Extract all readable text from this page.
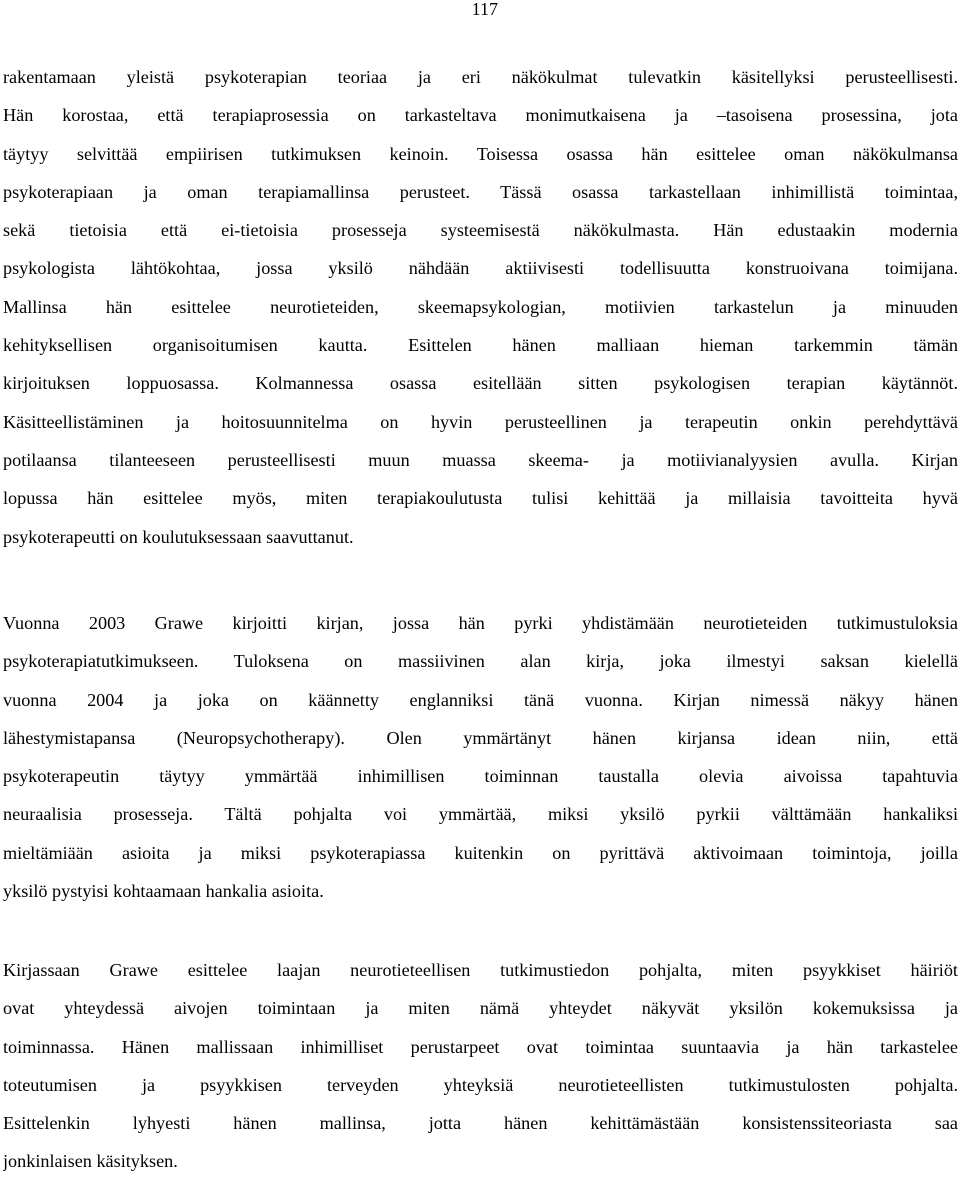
117
rakentamaan yleistä psykoterapian teoriaa ja eri näkökulmat tulevatkin käsitellyksi perusteellisesti.
Hän korostaa, että terapiaprosessia on tarkasteltava monimutkaisena ja –tasoisena prosessina, jota
täytyy selvittää empiirisen tutkimuksen keinoin. Toisessa osassa hän esittelee oman näkökulmansa
psykoterapiaan ja oman terapiamallinsa perusteet. Tässä osassa tarkastellaan inhimillistä toimintaa,
sekä tietoisia että ei-tietoisia prosesseja systeemisestä näkökulmasta. Hän edustaakin modernia
psykologista lähtökohtaa, jossa yksilö nähdään aktiivisesti todellisuutta konstruoivana toimijana.
Mallinsa hän esittelee neurotieteiden, skeemapsykologian, motiivien tarkastelun ja minuuden
kehityksellisen organisoitumisen kautta. Esittelen hänen malliaan hieman tarkemmin tämän
kirjoituksen loppuosassa. Kolmannessa osassa esitellään sitten psykologisen terapian käytännöt.
Käsitteellistäminen ja hoitosuunnitelma on hyvin perusteellinen ja terapeutin onkin perehdyttävä
potilaansa tilanteeseen perusteellisesti muun muassa skeema- ja motiivianalyysien avulla. Kirjan
lopussa hän esittelee myös, miten terapiakoulutusta tulisi kehittää ja millaisia tavoitteita hyvä
psykoterapeutti on koulutuksessaan saavuttanut.
Vuonna 2003 Grawe kirjoitti kirjan, jossa hän pyrki yhdistämään neurotieteiden tutkimustuloksia
psykoterapiatutkimukseen. Tuloksena on massiivinen alan kirja, joka ilmestyi saksan kielellä
vuonna 2004 ja joka on käännetty englanniksi tänä vuonna. Kirjan nimessä näkyy hänen
lähestymistapansa (Neuropsychotherapy). Olen ymmärtänyt hänen kirjansa idean niin, että
psykoterapeutin täytyy ymmärtää inhimillisen toiminnan taustalla olevia aivoissa tapahtuvia
neuraalisia prosesseja. Tältä pohjalta voi ymmärtää, miksi yksilö pyrkii välttämään hankaliksi
mieltämiään asioita ja miksi psykoterapiassa kuitenkin on pyrittävä aktivoimaan toimintoja, joilla
yksilö pystyisi kohtaamaan hankalia asioita.
Kirjassaan Grawe esittelee laajan neurotieteellisen tutkimustiedon pohjalta, miten psyykkiset häiriöt
ovat yhteydessä aivojen toimintaan ja miten nämä yhteydet näkyvät yksilön kokemuksissa ja
toiminnassa. Hänen mallissaan inhimilliset perustarpeet ovat toimintaa suuntaavia ja hän tarkastelee
toteutumisen ja psyykkisen terveyden yhteyksiä neurotieteellisten tutkimustulosten pohjalta.
Esittelenkin lyhyesti hänen mallinsa, jotta hänen kehittämästään konsistenssiteoriasta saa
jonkinlaisen käsityksen.
